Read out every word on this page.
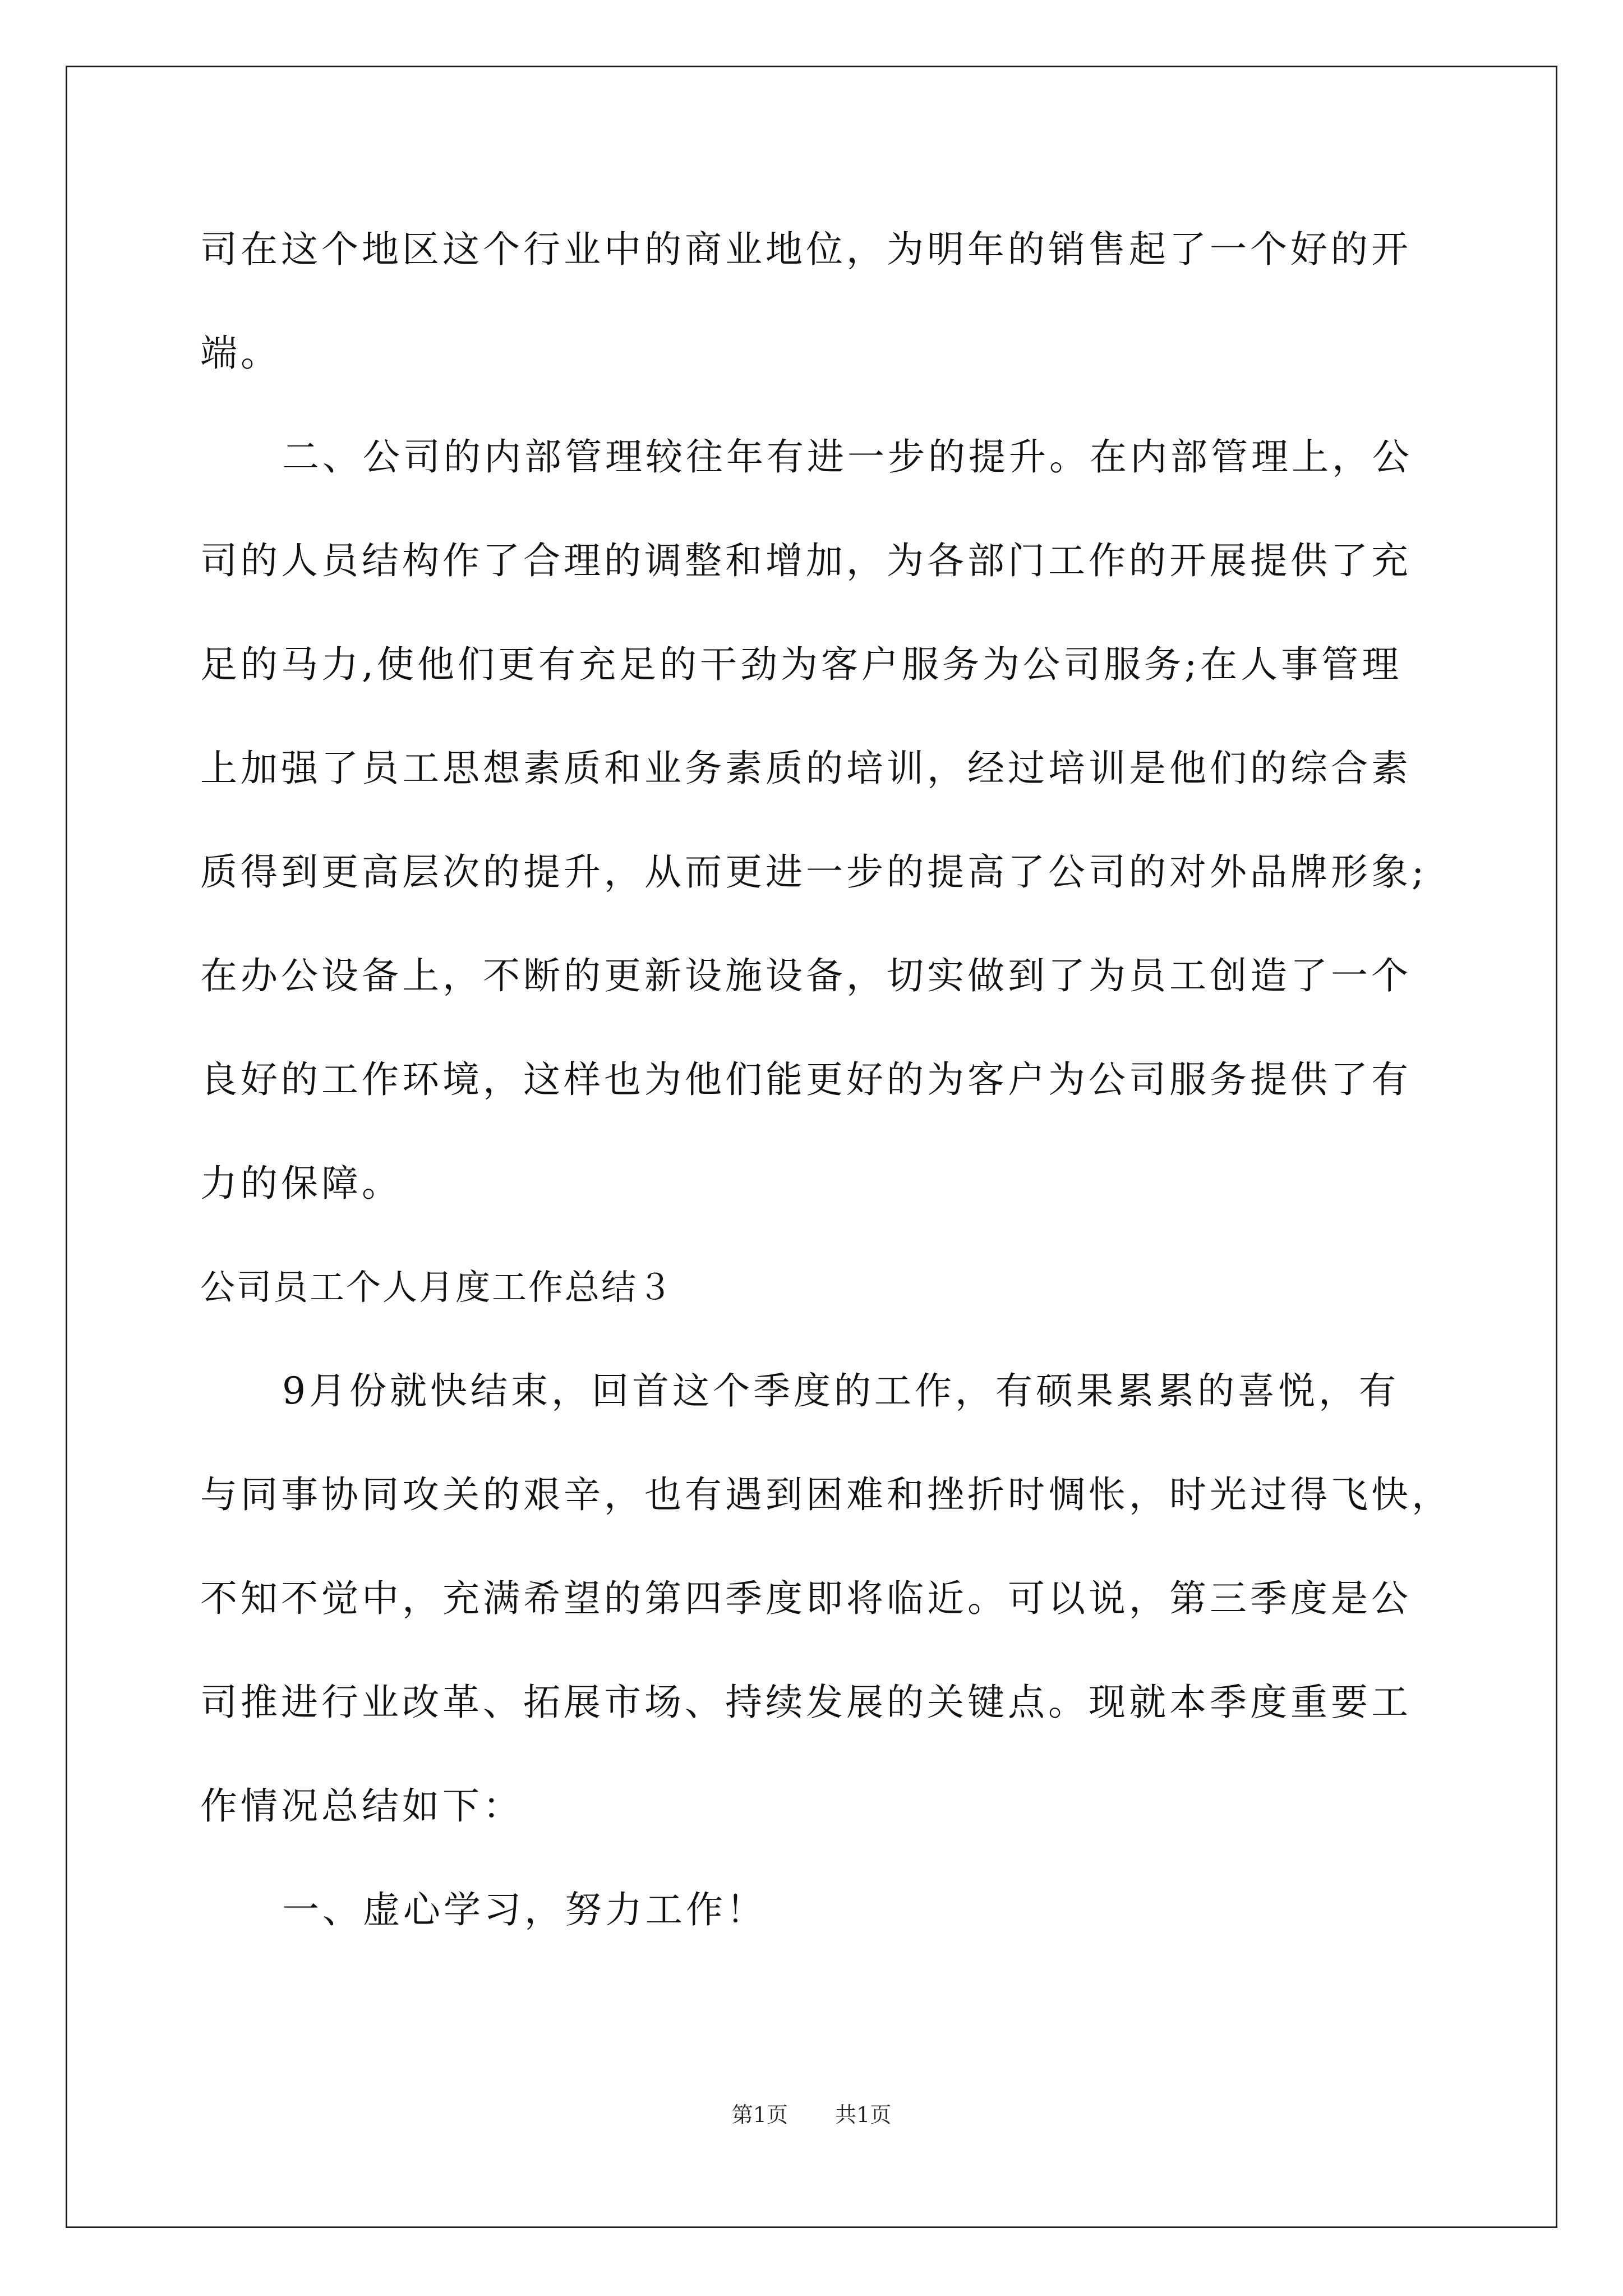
司在这个地区这个行业中的商业地位，为明年的销售起了一个好的开
端。
二、公司的内部管理较往年有进一步的提升。在内部管理上，公
司的人员结构作了合理的调整和增加，为各部门工作的开展提供了充
足的马力,使他们更有充足的干劲为客户服务为公司服务;在人事管理
上加强了员工思想素质和业务素质的培训，经过培训是他们的综合素
质得到更高层次的提升，从而更进一步的提高了公司的对外品牌形象;
在办公设备上，不断的更新设施设备，切实做到了为员工创造了一个
良好的工作环境，这样也为他们能更好的为客户为公司服务提供了有
力的保障。
公司员工个人月度工作总结３
9月份就快结束，回首这个季度的工作，有硕果累累的喜悦，有
与同事协同攻关的艰辛，也有遇到困难和挫折时惆怅，时光过得飞快，
不知不觉中，充满希望的第四季度即将临近。可以说，第三季度是公
司推进行业改革、拓展市场、持续发展的关键点。现就本季度重要工
作情况总结如下：
一、虚心学习，努力工作！
第1页 共1页
